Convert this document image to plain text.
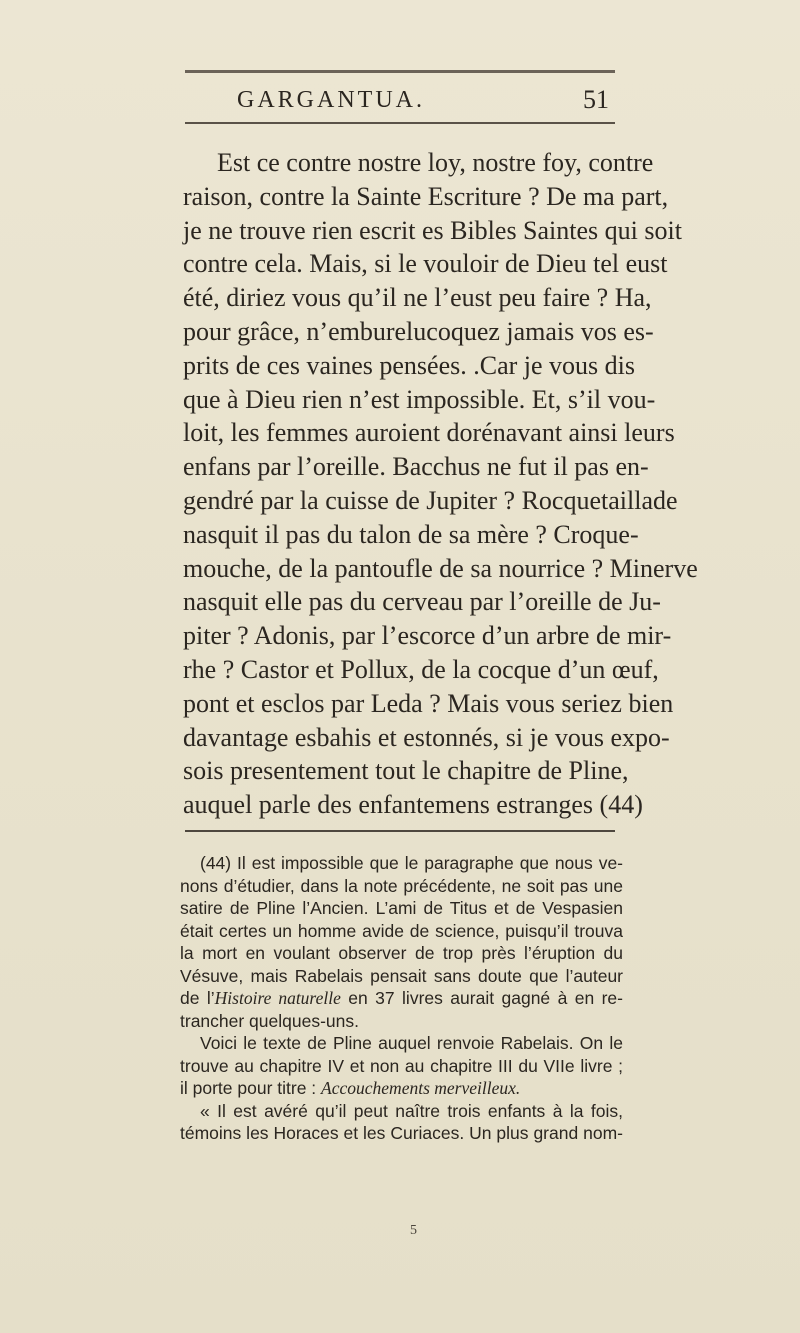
GARGANTUA.	51
Est ce contre nostre loy, nostre foy, contre
raison, contre la Sainte Escriture ? De ma part,
je ne trouve rien escrit es Bibles Saintes qui soit
contre cela. Mais, si le vouloir de Dieu tel eust
été, diriez vous qu’il ne l’eust peu faire ? Ha,
pour grâce, n’emburelucoquez jamais vos es-
prits de ces vaines pensées. .Car je vous dis
que à Dieu rien n’est impossible. Et, s’il vou-
loit, les femmes auroient dorénavant ainsi leurs
enfans par l’oreille. Bacchus ne fut il pas en-
gendré par la cuisse de Jupiter ? Rocquetaillade
nasquit il pas du talon de sa mère ? Croque-
mouche, de la pantoufle de sa nourrice ? Minerve
nasquit elle pas du cerveau par l’oreille de Ju-
piter ? Adonis, par l’escorce d’un arbre de mir-
rhe ? Castor et Pollux, de la cocque d’un œuf,
pont et esclos par Leda ? Mais vous seriez bien
davantage esbahis et estonnés, si je vous expo-
sois presentement tout le chapitre de Pline,
auquel parle des enfantemens estranges (44)
(44) Il est impossible que le paragraphe que nous ve-
nons d’étudier, dans la note précédente, ne soit pas une
satire de Pline l’Ancien. L’ami de Titus et de Vespasien
était certes un homme avide de science, puisqu’il trouva
la mort en voulant observer de trop près l’éruption du
Vésuve, mais Rabelais pensait sans doute que l’auteur
de l’Histoire naturelle en 37 livres aurait gagné à en re-
trancher quelques-uns.
Voici le texte de Pline auquel renvoie Rabelais. On le
trouve au chapitre IV et non au chapitre III du VIIe livre ;
il porte pour titre : Accouchements merveilleux.
« Il est avéré qu’il peut naître trois enfants à la fois,
témoins les Horaces et les Curiaces. Un plus grand nom-
5
